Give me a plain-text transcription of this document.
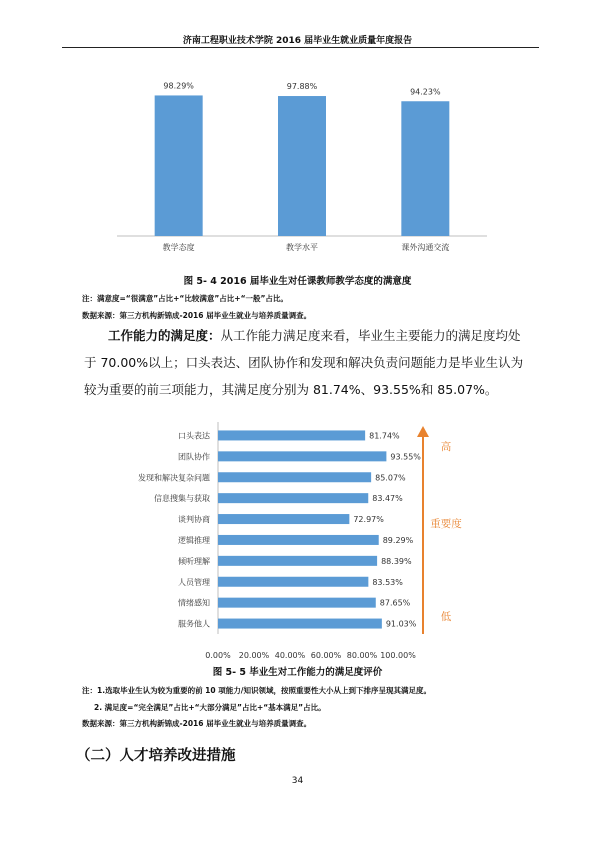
济南工程职业技术学院 2016 届毕业生就业质量年度报告
98.29%
教学态度
97.88%
教学水平
94.23%
课外沟通交流
图 5- 4 2016 届毕业生对任课教师教学态度的满意度
注：满意度=“很满意”占比+“比较满意”占比+“一般”占比。
数据来源：第三方机构新锦成-2016 届毕业生就业与培养质量调查。
工作能力的满足度：从工作能力满足度来看，毕业生主要能力的满足度均处于 70.00%以上；口头表达、团队协作和发现和解决负责问题能力是毕业生认为较为重要的前三项能力，其满足度分别为 81.74%、93.55%和 85.07%。
口头表达	81.74%
团队协作	93.55%
发现和解决复杂问题	85.07%
信息搜集与获取	83.47%
谈判协商	72.97%
逻辑推理	89.29%
倾听理解	88.39%
人员管理	83.53%
情绪感知	87.65%
服务他人	91.03%
0.00% 20.00% 40.00% 60.00% 80.00% 100.00%
高
重要度
低
图 5- 5 毕业生对工作能力的满足度评价
注：1.选取毕业生认为较为重要的前 10 项能力/知识领域，按照重要性大小从上到下排序呈现其满足度。
2. 满足度=“完全满足”占比+“大部分满足”占比+“基本满足”占比。
数据来源：第三方机构新锦成-2016 届毕业生就业与培养质量调查。
（二）人才培养改进措施
34
